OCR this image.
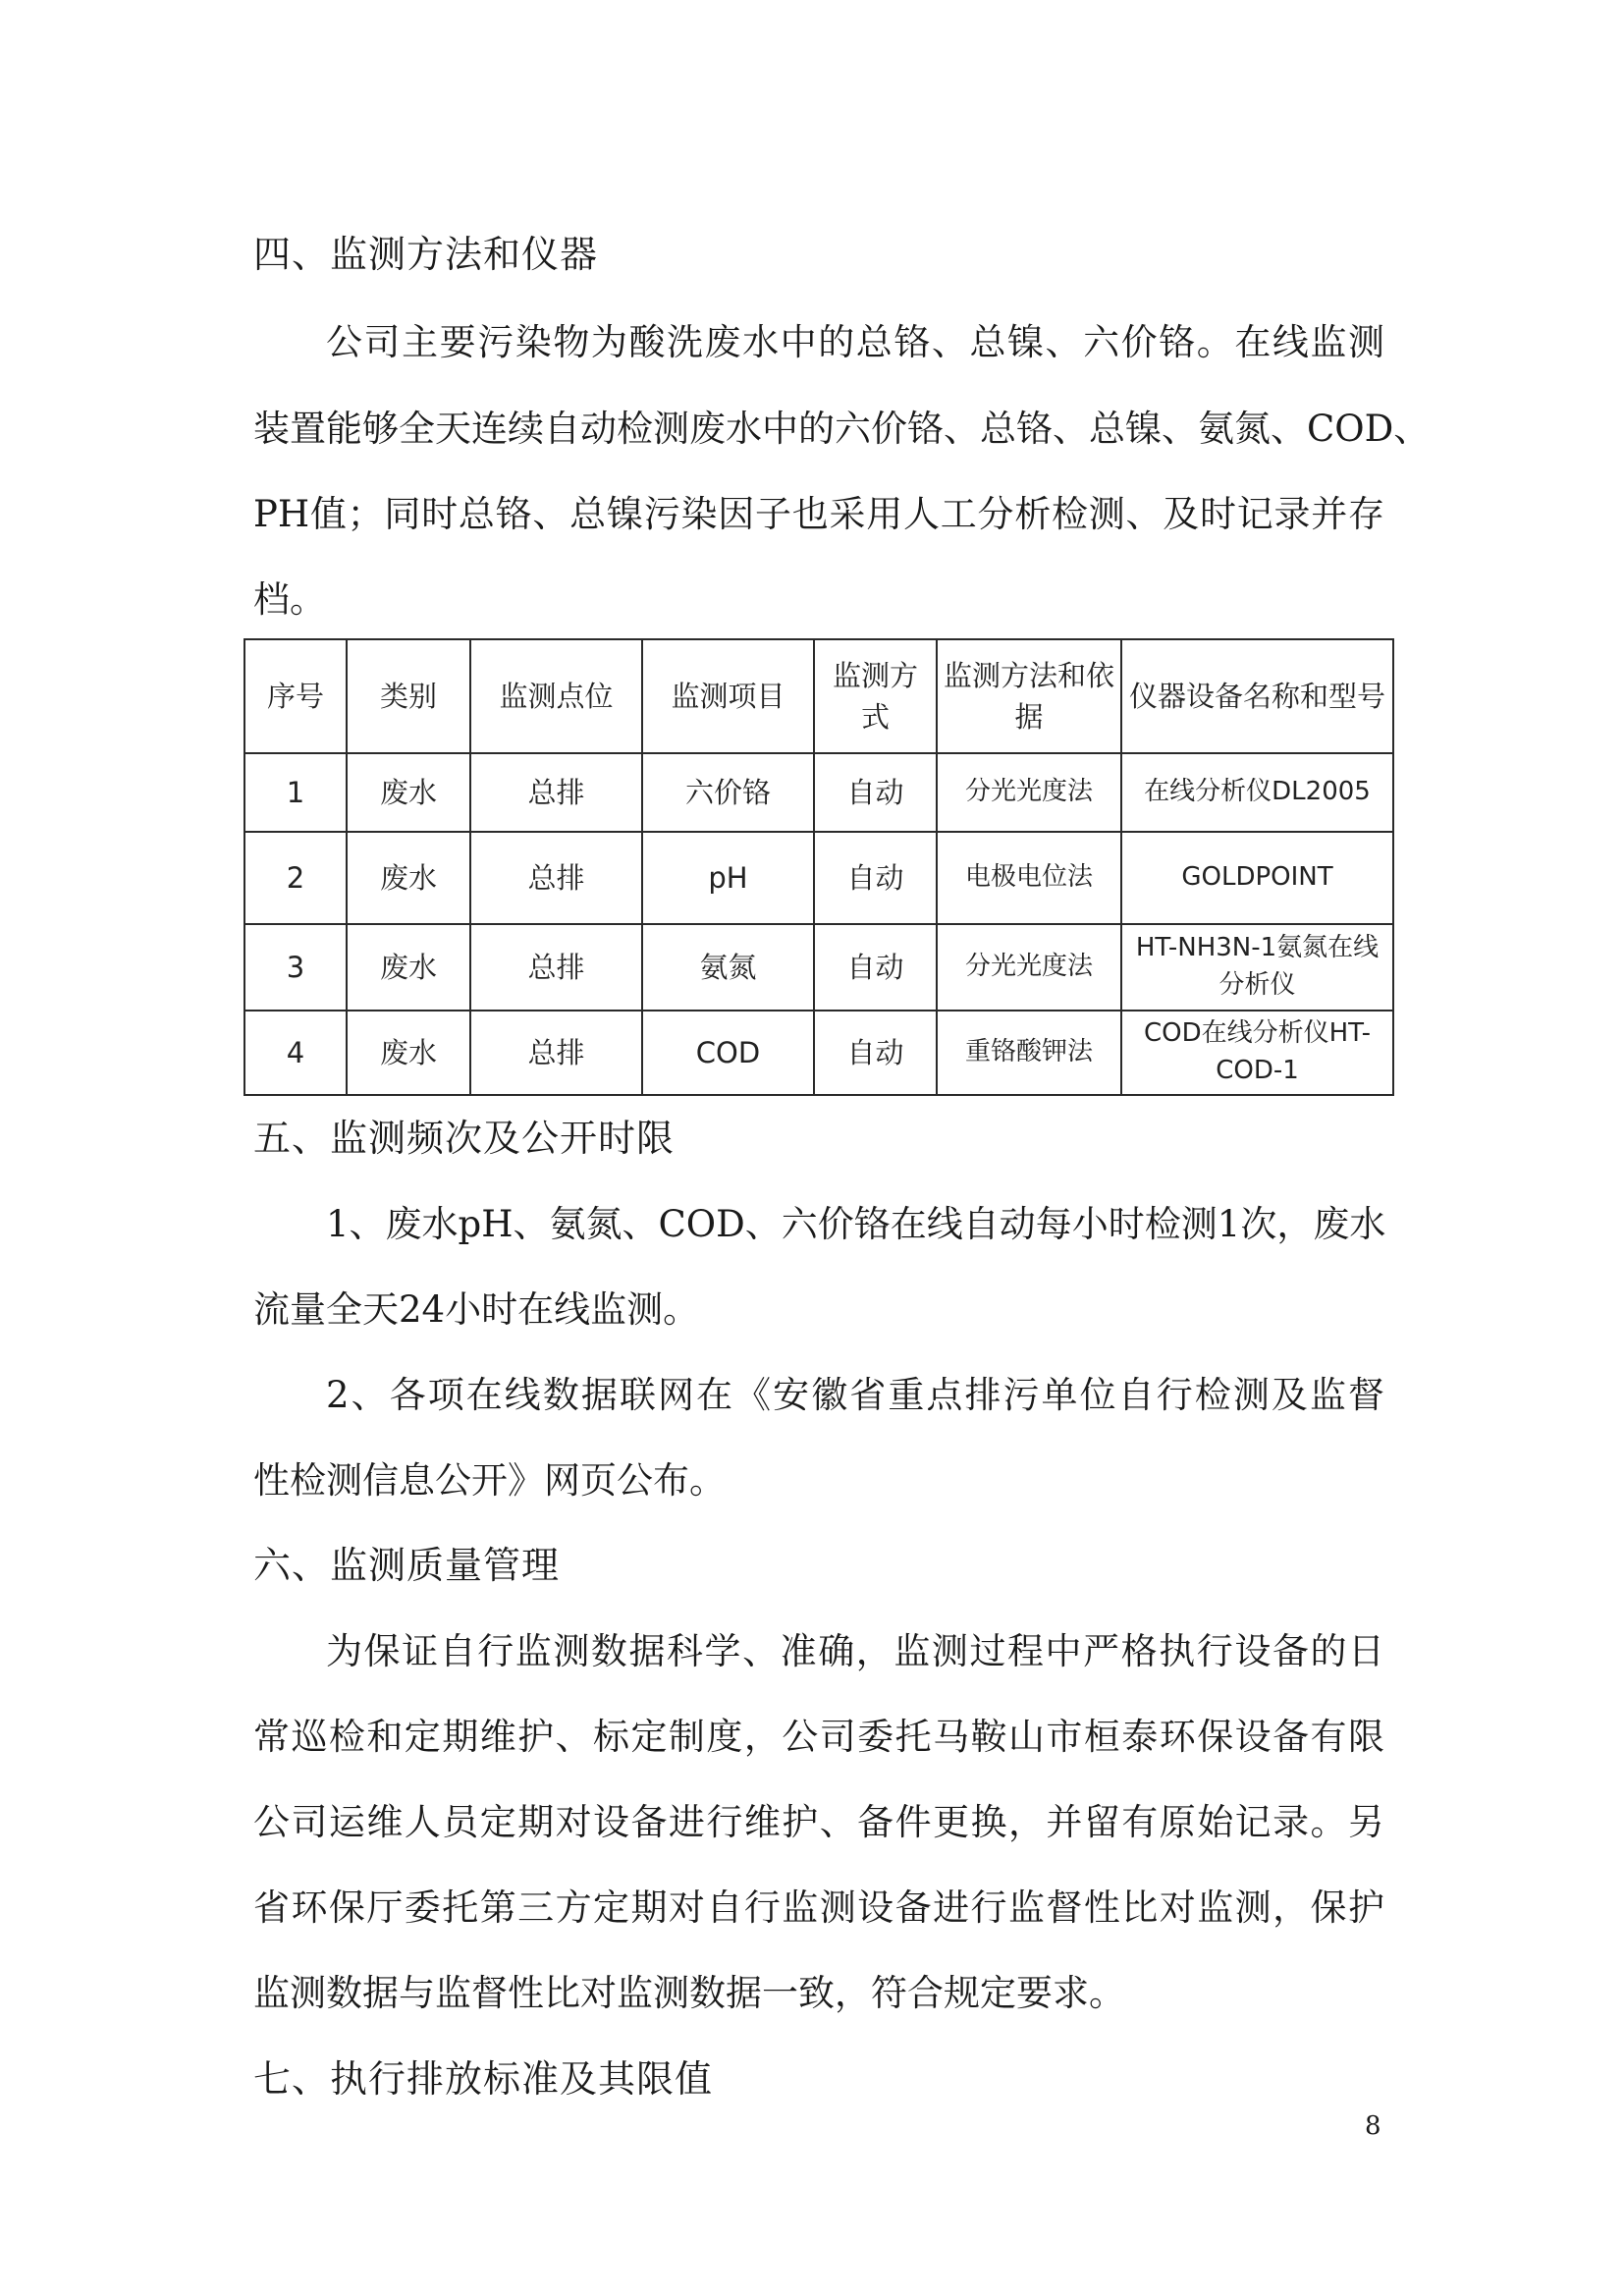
四、监测方法和仪器
公司主要污染物为酸洗废水中的总铬、总镍、六价铬。在线监测
装置能够全天连续自动检测废水中的六价铬、总铬、总镍、氨氮、COD、
PH值；同时总铬、总镍污染因子也采用人工分析检测、及时记录并存
档。
序号	类别	监测点位	监测项目	监测方式	监测方法和依据	仪器设备名称和型号
1	废水	总排	六价铬	自动	分光光度法	在线分析仪DL2005
2	废水	总排	pH	自动	电极电位法	GOLDPOINT
3	废水	总排	氨氮	自动	分光光度法	HT-NH3N-1氨氮在线分析仪
4	废水	总排	COD	自动	重铬酸钾法	COD在线分析仪HT-COD-1
五、监测频次及公开时限
1、废水pH、氨氮、COD、六价铬在线自动每小时检测1次，废水
流量全天24小时在线监测。
2、各项在线数据联网在《安徽省重点排污单位自行检测及监督
性检测信息公开》网页公布。
六、监测质量管理
为保证自行监测数据科学、准确，监测过程中严格执行设备的日
常巡检和定期维护、标定制度，公司委托马鞍山市桓泰环保设备有限
公司运维人员定期对设备进行维护、备件更换，并留有原始记录。另
省环保厅委托第三方定期对自行监测设备进行监督性比对监测，保护
监测数据与监督性比对监测数据一致，符合规定要求。
七、执行排放标准及其限值
8
